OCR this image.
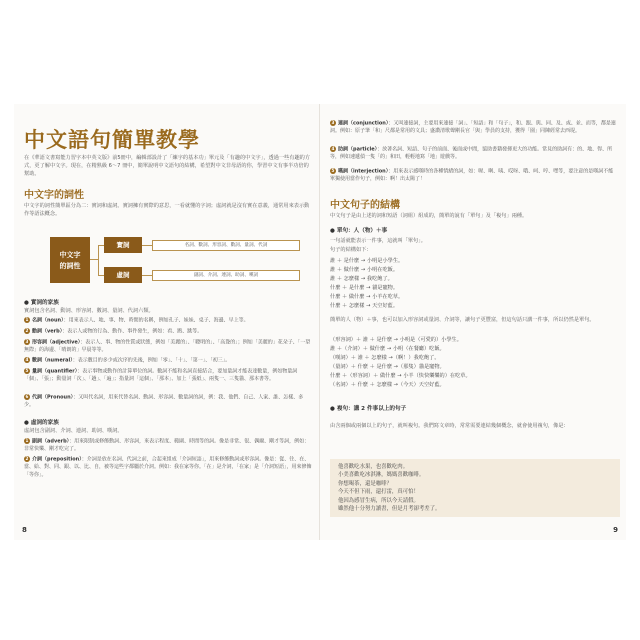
中文語句簡單教學
在《華語文書寫能力習字本中英文版》前5冊中，編輯部設計了「練字的基本功」單元及「有趣的中文字」，透過一些有趣的方式，更了解中文字。現在，在精熟級 6～7 冊中，簡單說明中文語句的結構，希望對中文非母語的你，學習中文有事半功倍的幫助。
中文字的詞性
中文字的詞性簡單區分為二：實詞和虛詞。實詞擁有實際的意思，一看就懂的字詞；虛詞就是沒有實在意義，通常用來表示動作等語法概念。
中文字
的詞性
實詞
虛詞
名詞、數詞、形容詞、數詞、量詞、代詞
副詞、介詞、連詞、助詞、嘆詞
● 實詞的家族
實詞包含名詞、動詞、形容詞、數詞、量詞、代詞六類。
1 名詞（noun）：用來表示人、地、事、物、時間的名稱，例如孔子、妹妹、桌子、海邊、早上等。
2 動詞（verb）：表示人或物的行為、動作、事件發生，例如：看、跑、跳等。
3 形容詞（adjective）：表示人、事、物的性質或狀態，例如「美麗的」、「聰明的」、「高聳的」；例如「美麗的」花朵子、「一望無際」的海邊、「晴朗的」早晨等等。
4 數詞（numeral）：表示數目的多少或次序的先後，例如「零」、「十」、「第一」、「初三」。
5 量詞（quantifier）：表示事物或動作的計算單位的詞。數詞不能和名詞直接結合，要加量詞才能表達數量，例如物量詞「個」、「張」；動量詞「次」、「趟」、「遍」；指量詞「這個」、「那本」、加上「張紙」、兩隻一、三隻貓、那本書等。
6 代詞（Pronoun）：又叫代名詞，用來代替名詞、動詞、形容詞、數量詞的詞，例：我、他們、自己、人家、誰、怎樣、多少。
● 虛詞的家族
虛詞包含副詞、介詞、連詞、助詞、嘆詞。
1 副詞（adverb）：用來限制或修飾動詞、形容詞，來表示程度、範圍、時間等的詞。像是非常、很、偶爾、剛才等詞，例如：非常快樂、剛才吃完了。
2 介詞（preposition）：介詞是放在名詞、代詞之前，合起來組成「介詞短語」，用來修飾動詞或形容詞。像是：從、往、在、當、給、對、同、跟、以、比、自，被等這些字都屬於介詞。例如：我在家等你。「在」是介詞，「在家」是「介詞短語」，用來修飾「等你」。
8
3 連詞（conjunction）：又叫連接詞，主要用來連接「詞」、「短語」和「句子」，和、跟、與、同、及、或、並、而等，都是連詞。例如：原子筆「和」尺都是常用的文具；盛讚清歌聲剛長官「與」學員的支持，獲得「園」同陳經常去西堤。
4 助詞（particle）：放著名詞、短語、句子的前面、後面或中間，協助書籍發揮更大的功能。常見的助詞有：的、地、得、所等，例如速遞偵一隻「的」和田，輕輕地寫「地」遊戲等。
5 嘆詞（interjection）：用來表示感嘆時的各種情緒的詞，如：喔、啊、咦、哎呀、哦、呵、哼、嘿等，要注意的是嘆詞不能單獨使用當作句子，例如：啊！出太陽了！
中文句子的結構
中文句子是由上述的詞和短語（詞組）組成的，簡單的說有「單句」及「複句」兩種。
● 單句：人（物）＋事
一句話就能表示一件事，這就叫「單句」。
句子的結構如下：
誰 ＋ 是什麼 → 小明是小學生。
誰 ＋ 做什麼 → 小明在吃飯。
誰 ＋ 怎麼樣 → 我吃飽了。
什麼 ＋ 是什麼 → 貓是寵物。
什麼 ＋ 做什麼 → 小羊在吃草。
什麼 ＋ 怎麼樣 → 天空好藍。
簡單的人（物）＋事，也可以加入形容詞或量詞、介詞等，讓句子更豐富，但這句話只講一件事，所以仍然是單句。
（形容詞）＋ 誰 ＋ 是什麼 → 小明是（可愛的）小學生。
誰 ＋（介詞）＋ 做什麼 → 小明（在餐廳）吃飯。
（嘆詞）＋ 誰 ＋ 怎麼樣 →（啊！）我吃飽了。
（量詞）＋ 什麼 ＋ 是什麼 →（那隻）貓是寵物。
什麼 ＋（形容詞）＋ 做什麼 → 小羊（快快樂樂的）在吃草。
（名詞）＋ 什麼 ＋ 怎麼樣 →（今天）天空好藍。
● 複句：講 2 件事以上的句子
由含兩個或兩個以上的句子，就叫複句。我們寫文章時，常常需要連結幾個概念，就會使用複句，像是：
他喜歡吃水果，也喜歡吃肉。
小美喜歡吃冰淇淋，媽媽喜歡咖啡。
你想喝茶，還是咖啡？
今天不但下雨，還打雷，真可怕！
他因為感冒生病，所以今天請假。
雖然他十分努力讀書，但是月考卻考差了。
9
